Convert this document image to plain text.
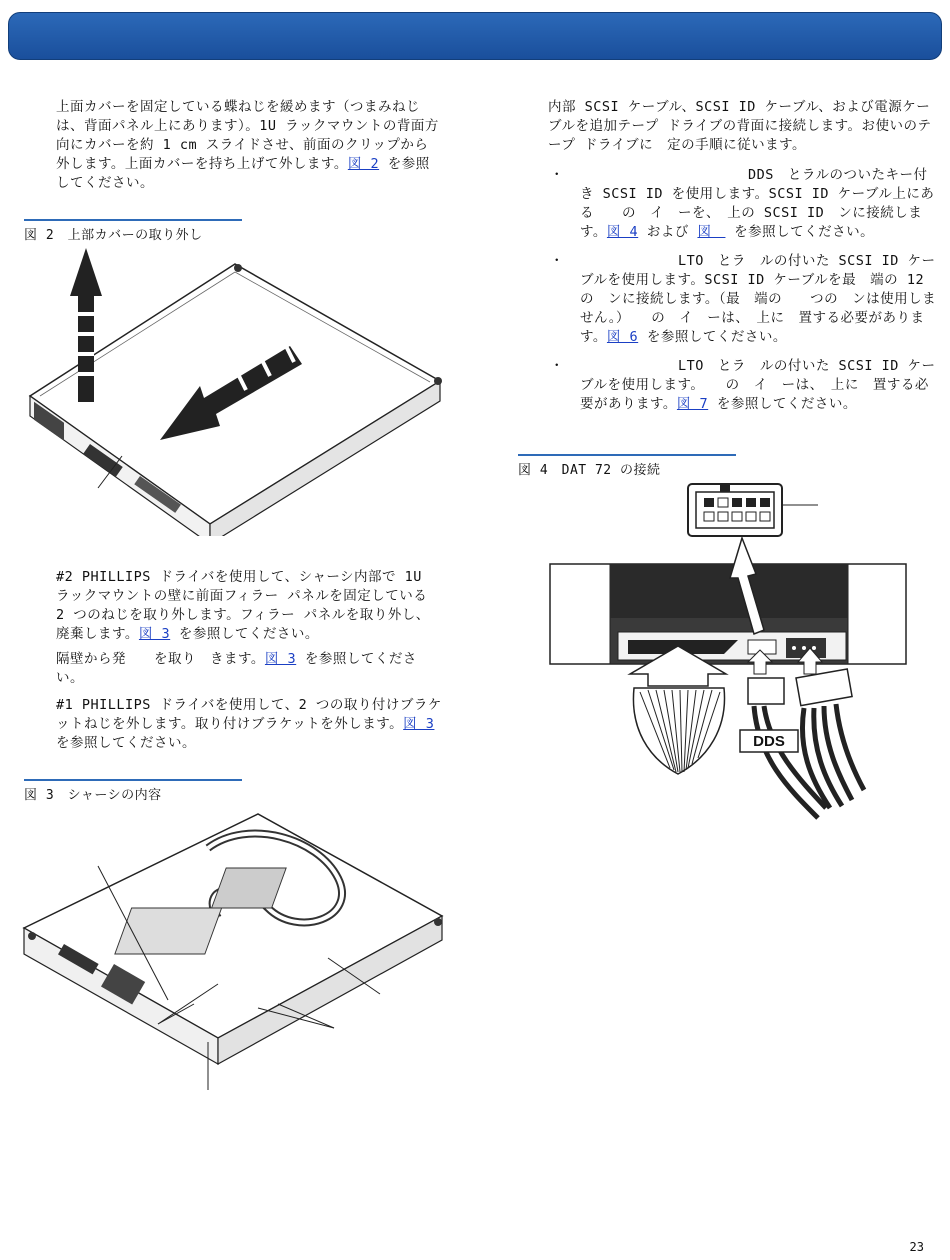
上面カバーを固定している蝶ねじを緩めます（つまみねじは、背面パネル上にあります）。1U ラックマウントの背面方向にカバーを約 1 cm スライドさせ、前面のクリップから外します。上面カバーを持ち上げて外します。図 2 を参照してください。

図 2　上部カバーの取り外し

#2 PHILLIPS ドライバを使用して、シャーシ内部で 1U ラックマウントの壁に前面フィラー パネルを固定している 2 つのねじを取り外します。フィラー パネルを取り外し、廃棄します。図 3 を参照してください。

隔壁から発　　を取り　きます。図 3 を参照してください。

#1 PHILLIPS ドライバを使用して、2 つの取り付けブラケットねじを外します。取り付けブラケットを外します。図 3 を参照してください。

図 3　シャーシの内容

内部 SCSI ケーブル、SCSI ID ケーブル、および電源ケーブルを追加テープ ドライブの背面に接続します。お使いのテープ ドライブに　定の手順に従います。

・ 　　　　　　　　　　　　DDS　とラルのついたキー付き SCSI ID を使用します。SCSI ID ケーブル上にある　　の　イ　ーを、　上の SCSI ID　ンに接続します。図 4 および 図　 を参照してください。
・ 　　　　　　　LTO　とラ　ルの付いた SCSI ID ケーブルを使用します。SCSI ID ケーブルを最　端の 12 の　ンに接続します。（最　端の　　つの　ンは使用しません。）　　の　イ　ーは、　上に　置する必要があります。図 6 を参照してください。
・ 　　　　　　　LTO　とラ　ルの付いた SCSI ID ケーブルを使用します。　　の　イ　ーは、　上に　置する必要があります。図 7 を参照してください。
図 4　DAT 72 の接続
DDS
23
